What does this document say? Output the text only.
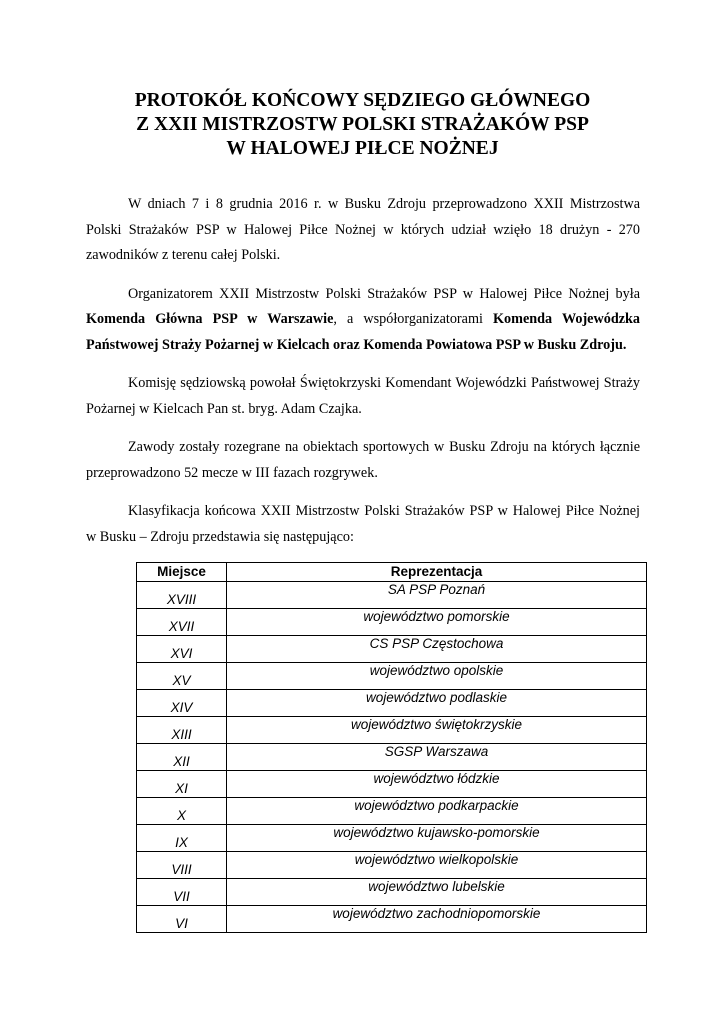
PROTOKÓŁ KOŃCOWY SĘDZIEGO GŁÓWNEGO
Z XXII MISTRZOSTW POLSKI STRAŻAKÓW PSP
W HALOWEJ PIŁCE NOŻNEJ

W dniach 7 i 8 grudnia 2016 r. w Busku Zdroju przeprowadzono XXII Mistrzostwa Polski Strażaków PSP w Halowej Piłce Nożnej w których udział wzięło 18 drużyn - 270 zawodników z terenu całej Polski.

Organizatorem XXII Mistrzostw Polski Strażaków PSP w Halowej Piłce Nożnej była Komenda Główna PSP w Warszawie, a współorganizatorami Komenda Wojewódzka Państwowej Straży Pożarnej w Kielcach oraz Komenda Powiatowa PSP w Busku Zdroju.

Komisję sędziowską powołał Świętokrzyski Komendant Wojewódzki Państwowej Straży Pożarnej w Kielcach Pan st. bryg. Adam Czajka.

Zawody zostały rozegrane na obiektach sportowych w Busku Zdroju na których łącznie przeprowadzono 52 mecze w III fazach rozgrywek.

Klasyfikacja końcowa XXII Mistrzostw Polski Strażaków PSP w Halowej Piłce Nożnej w Busku – Zdroju przedstawia się następująco:

Miejsce	Reprezentacja
XVIII	SA PSP Poznań
XVII	województwo pomorskie
XVI	CS PSP Częstochowa
XV	województwo opolskie
XIV	województwo podlaskie
XIII	województwo świętokrzyskie
XII	SGSP Warszawa
XI	województwo łódzkie
X	województwo podkarpackie
IX	województwo kujawsko-pomorskie
VIII	województwo wielkopolskie
VII	województwo lubelskie
VI	województwo zachodniopomorskie
